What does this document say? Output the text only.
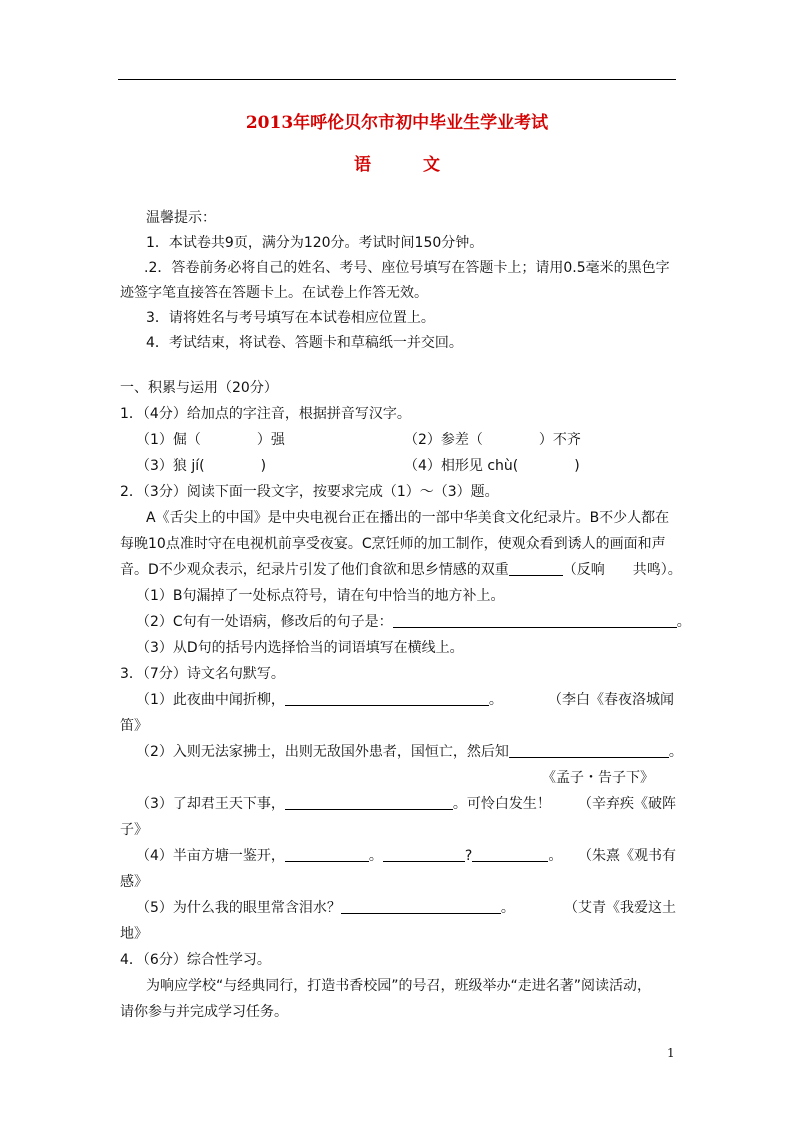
2013年呼伦贝尔市初中毕业生学业考试
语	文
温馨提示：
1．本试卷共9页，满分为120分。考试时间150分钟。
.2．答卷前务必将自己的姓名、考号、座位号填写在答题卡上；请用0.5毫米的黑色字
迹签字笔直接答在答题卡上。在试卷上作答无效。
3．请将姓名与考号填写在本试卷相应位置上。
4．考试结束，将试卷、答题卡和草稿纸一并交回。
一、积累与运用（20分）
1．（4分）给加点的字注音，根据拼音写汉字。
（1）倔（　　　　）强	（2）参差（　　　　）不齐
（3）狼 jí(　　　　)	（4）相形见 chù(　　　　)
2．（3分）阅读下面一段文字，按要求完成（1）～（3）题。
A《舌尖上的中国》是中央电视台正在播出的一部中华美食文化纪录片。B不少人都在
每晚10点准时守在电视机前享受夜宴。C烹饪师的加工制作，使观众看到诱人的画面和声
音。D不少观众表示，纪录片引发了他们食欲和思乡情感的双重	（反响　　共鸣）。
（1）B句漏掉了一处标点符号，请在句中恰当的地方补上。
（2）C句有一处语病，修改后的句子是：	。
（3）从D句的括号内选择恰当的词语填写在横线上。
3．（7分）诗文名句默写。
（1）此夜曲中闻折柳，	。	（李白《春夜洛城闻
笛》
（2）入则无法家拂士，出则无敌国外患者，国恒亡，然后知	。
《孟子・告子下》
（3）了却君王天下事，	。可怜白发生！ （辛弃疾《破阵
子》
（4）半亩方塘一鉴开，	。	?	。 （朱熹《观书有
感》
（5）为什么我的眼里常含泪水？	。	（艾青《我爱这土
地》
4．（6分）综合性学习。
为响应学校“与经典同行，打造书香校园”的号召，班级举办“走进名著”阅读活动，
请你参与并完成学习任务。
1
